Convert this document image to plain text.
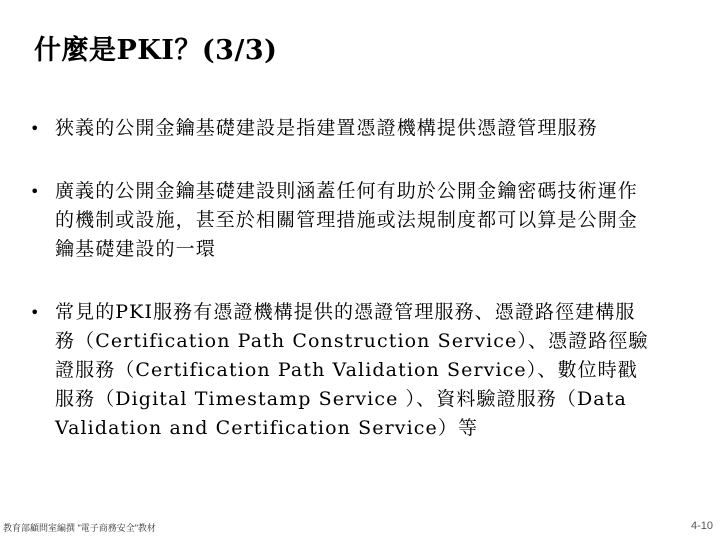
什麼是PKI？(3/3)
• 狹義的公開金鑰基礎建設是指建置憑證機構提供憑證管理服務
• 廣義的公開金鑰基礎建設則涵蓋任何有助於公開金鑰密碼技術運作的機制或設施，甚至於相關管理措施或法規制度都可以算是公開金鑰基礎建設的一環
• 常見的PKI服務有憑證機構提供的憑證管理服務、憑證路徑建構服務（Certification Path Construction Service）、憑證路徑驗證服務（Certification Path Validation Service）、數位時戳服務（Digital Timestamp Service ）、資料驗證服務（Data Validation and Certification Service）等
教育部顧問室編撰 "電子商務安全"教材	4-10
